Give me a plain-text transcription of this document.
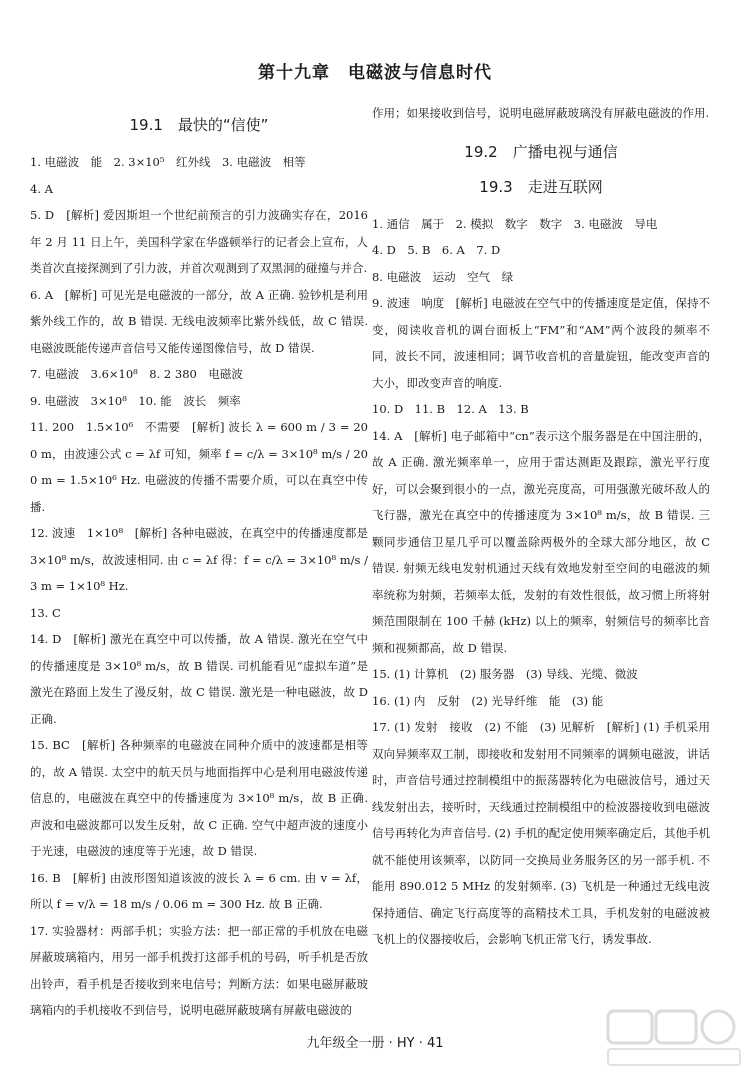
第十九章　电磁波与信息时代
19.1　最快的“信使”

1. 电磁波　能　2. 3×10⁵　红外线　3. 电磁波　相等

4. A

5. D　[解析] 爱因斯坦一个世纪前预言的引力波确实存在，2016 年 2 月 11 日上午，美国科学家在华盛顿举行的记者会上宣布，人类首次直接探测到了引力波，并首次观测到了双黑洞的碰撞与并合.

6. A　[解析] 可见光是电磁波的一部分，故 A 正确. 验钞机是利用紫外线工作的，故 B 错误. 无线电波频率比紫外线低，故 C 错误. 电磁波既能传递声音信号又能传递图像信号，故 D 错误.

7. 电磁波　3.6×10⁸　8. 2 380　电磁波

9. 电磁波　3×10⁸　10. 能　波长　频率

11. 200　1.5×10⁶　不需要　[解析] 波长 λ = 600 m / 3 = 200 m，由波速公式 c = λf 可知，频率 f = c/λ = 3×10⁸ m/s / 200 m = 1.5×10⁶ Hz. 电磁波的传播不需要介质，可以在真空中传播.

12. 波速　1×10⁸　[解析] 各种电磁波，在真空中的传播速度都是 3×10⁸ m/s，故波速相同. 由 c = λf 得：f = c/λ = 3×10⁸ m/s / 3 m = 1×10⁸ Hz.

13. C

14. D　[解析] 激光在真空中可以传播，故 A 错误. 激光在空气中的传播速度是 3×10⁸ m/s，故 B 错误. 司机能看见“虚拟车道”是激光在路面上发生了漫反射，故 C 错误. 激光是一种电磁波，故 D 正确.

15. BC　[解析] 各种频率的电磁波在同种介质中的波速都是相等的，故 A 错误. 太空中的航天员与地面指挥中心是利用电磁波传递信息的，电磁波在真空中的传播速度为 3×10⁸ m/s，故 B 正确. 声波和电磁波都可以发生反射，故 C 正确. 空气中超声波的速度小于光速，电磁波的速度等于光速，故 D 错误.

16. B　[解析] 由波形图知道该波的波长 λ = 6 cm. 由 v = λf，所以 f = v/λ = 18 m/s / 0.06 m = 300 Hz. 故 B 正确.

17. 实验器材：两部手机；实验方法：把一部正常的手机放在电磁屏蔽玻璃箱内，用另一部手机拨打这部手机的号码，听手机是否放出铃声，看手机是否接收到来电信号；判断方法：如果电磁屏蔽玻璃箱内的手机接收不到信号，说明电磁屏蔽玻璃有屏蔽电磁波的

作用；如果接收到信号，说明电磁屏蔽玻璃没有屏蔽电磁波的作用.

19.2　广播电视与通信
19.3　走进互联网

1. 通信　属于　2. 模拟　数字　数字　3. 电磁波　导电

4. D　5. B　6. A　7. D

8. 电磁波　运动　空气　绿

9. 波速　响度　[解析] 电磁波在空气中的传播速度是定值，保持不变，阅读收音机的调台面板上“FM”和“AM”两个波段的频率不同，波长不同，波速相同；调节收音机的音量旋钮，能改变声音的大小，即改变声音的响度.

10. D　11. B　12. A　13. B

14. A　[解析] 电子邮箱中“cn”表示这个服务器是在中国注册的，故 A 正确. 激光频率单一，应用于雷达测距及跟踪，激光平行度好，可以会聚到很小的一点，激光亮度高，可用强激光破坏敌人的飞行器，激光在真空中的传播速度为 3×10⁸ m/s，故 B 错误. 三颗同步通信卫星几乎可以覆盖除两极外的全球大部分地区，故 C 错误. 射频无线电发射机通过天线有效地发射至空间的电磁波的频率统称为射频，若频率太低，发射的有效性很低，故习惯上所将射频范围限制在 100 千赫 (kHz) 以上的频率，射频信号的频率比音频和视频都高，故 D 错误.

15. (1) 计算机　(2) 服务器　(3) 导线、光缆、微波

16. (1) 内　反射　(2) 光导纤维　能　(3) 能

17. (1) 发射　接收　(2) 不能　(3) 见解析　[解析] (1) 手机采用双向异频率双工制，即接收和发射用不同频率的调频电磁波，讲话时，声音信号通过控制模组中的振荡器转化为电磁波信号，通过天线发射出去，接听时，天线通过控制模组中的检波器接收到电磁波信号再转化为声音信号. (2) 手机的配定使用频率确定后，其他手机就不能使用该频率，以防同一交换局业务服务区的另一部手机. 不能用 890.012 5 MHz 的发射频率. (3) 飞机是一种通过无线电波保持通信、确定飞行高度等的高精技术工具，手机发射的电磁波被飞机上的仪器接收后，会影响飞机正常飞行，诱发事故.

九年级全一册 · HY · 41
